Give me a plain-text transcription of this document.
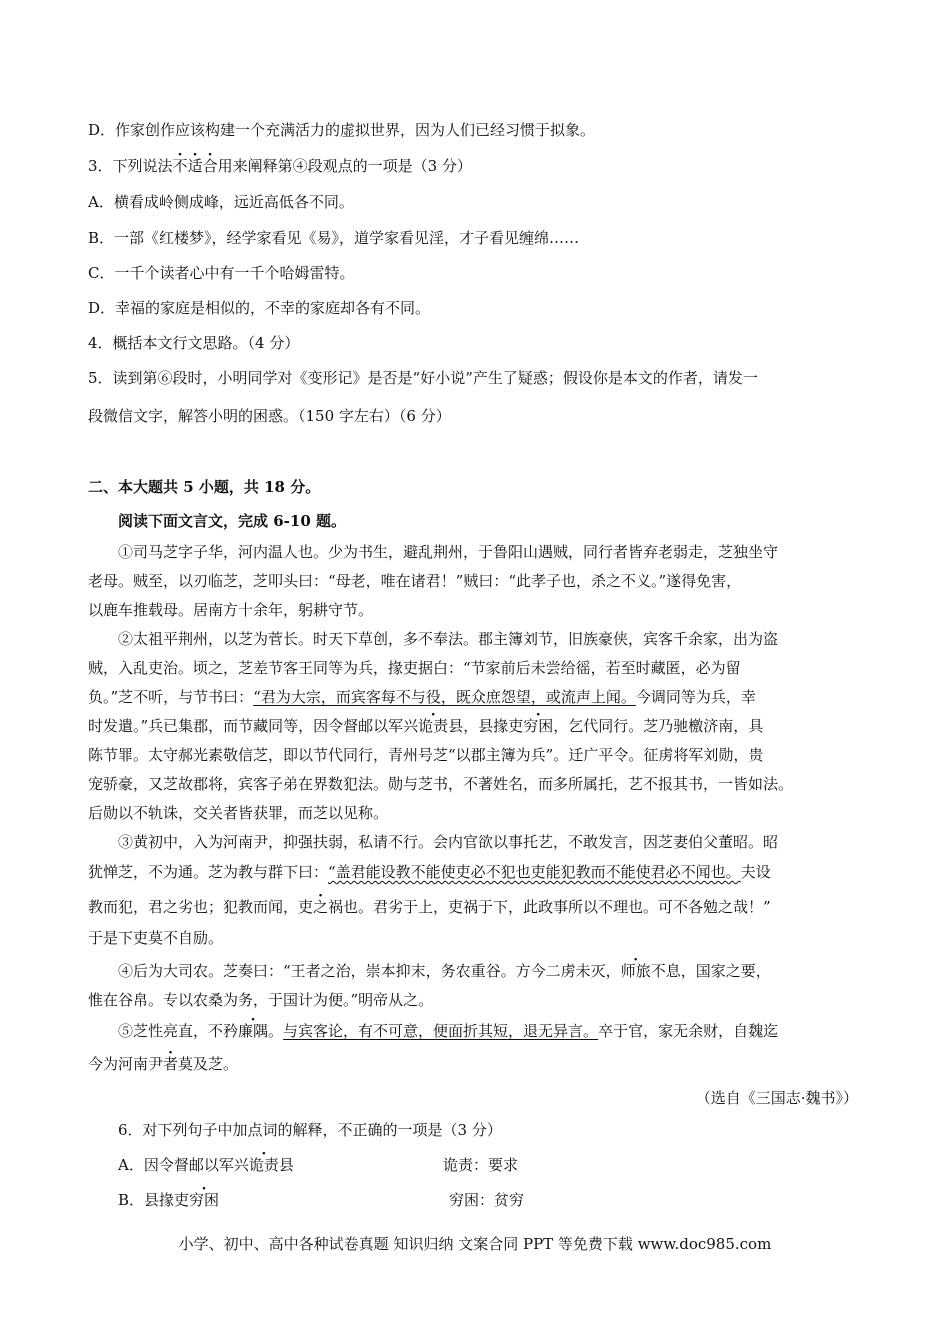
D．作家创作应该构建一个充满活力的虚拟世界，因为人们已经习惯于拟象。
3．下列说法不适合用来阐释第④段观点的一项是（3 分）
A．横看成岭侧成峰，远近高低各不同。
B．一部《红楼梦》，经学家看见《易》，道学家看见淫，才子看见缠绵……
C．一千个读者心中有一千个哈姆雷特。
D．幸福的家庭是相似的，不幸的家庭却各有不同。
4．概括本文行文思路。（4 分）
5．读到第⑥段时，小明同学对《变形记》是否是“好小说”产生了疑惑；假设你是本文的作者，请发一
段微信文字，解答小明的困惑。（150 字左右）（6 分）
二、本大题共 5 小题，共 18 分。
阅读下面文言文，完成 6-10 题。
①司马芝字子华，河内温人也。少为书生，避乱荆州，于鲁阳山遇贼，同行者皆弃老弱走，芝独坐守
老母。贼至，以刃临芝，芝叩头曰：“母老，唯在诸君！”贼曰：“此孝子也，杀之不义。”遂得免害，
以鹿车推载母。居南方十余年，躬耕守节。
②太祖平荆州，以芝为菅长。时天下草创，多不奉法。郡主簿刘节，旧族豪侠，宾客千余家，出为盗
贼，入乱吏治。顷之，芝差节客王同等为兵，掾吏据白：“节家前后未尝给徭，若至时藏匿，必为留
负。”芝不听，与节书曰：“君为大宗，而宾客每不与役，既众庶怨望，或流声上闻。今调同等为兵，幸
时发遣。”兵已集郡，而节藏同等，因令督邮以军兴诡责县，县掾吏穷困，乞代同行。芝乃驰檄济南，具
陈节罪。太守郝光素敬信芝，即以节代同行，青州号芝“以郡主簿为兵”。迁广平令。征虏将军刘勋，贵
宠骄豪，又芝故郡将，宾客子弟在界数犯法。勋与芝书，不著姓名，而多所属托，艺不报其书，一皆如法。
后勋以不轨诛，交关者皆获罪，而芝以见称。
③黄初中，入为河南尹，抑强扶弱，私请不行。会内官欲以事托艺，不敢发言，因芝妻伯父董昭。昭
犹惮芝，不为通。芝为教与群下曰：“盖君能设教不能使吏必不犯也吏能犯教而不能使君必不闻也。夫设
教而犯，君之劣也；犯教而闻，吏之祸也。君劣于上，吏祸于下，此政事所以不理也。可不各勉之哉！”
于是下吏莫不自励。
④后为大司农。芝奏曰：“王者之治，崇本抑末，务农重谷。方今二虏未灭，师旅不息，国家之要，
惟在谷帛。专以农桑为务，于国计为便。”明帝从之。
⑤芝性亮直，不矜廉隅。与宾客论，有不可意，便面折其短，退无异言。卒于官，家无余财，自魏迄
今为河南尹者莫及芝。
（选自《三国志·魏书》）
6．对下列句子中加点词的解释，不正确的一项是（3 分）
A．因令督邮以军兴诡责县	诡责：要求
B．县掾吏穷困	穷困：贫穷
小学、初中、高中各种试卷真题 知识归纳 文案合同 PPT 等免费下载 www.doc985.com
